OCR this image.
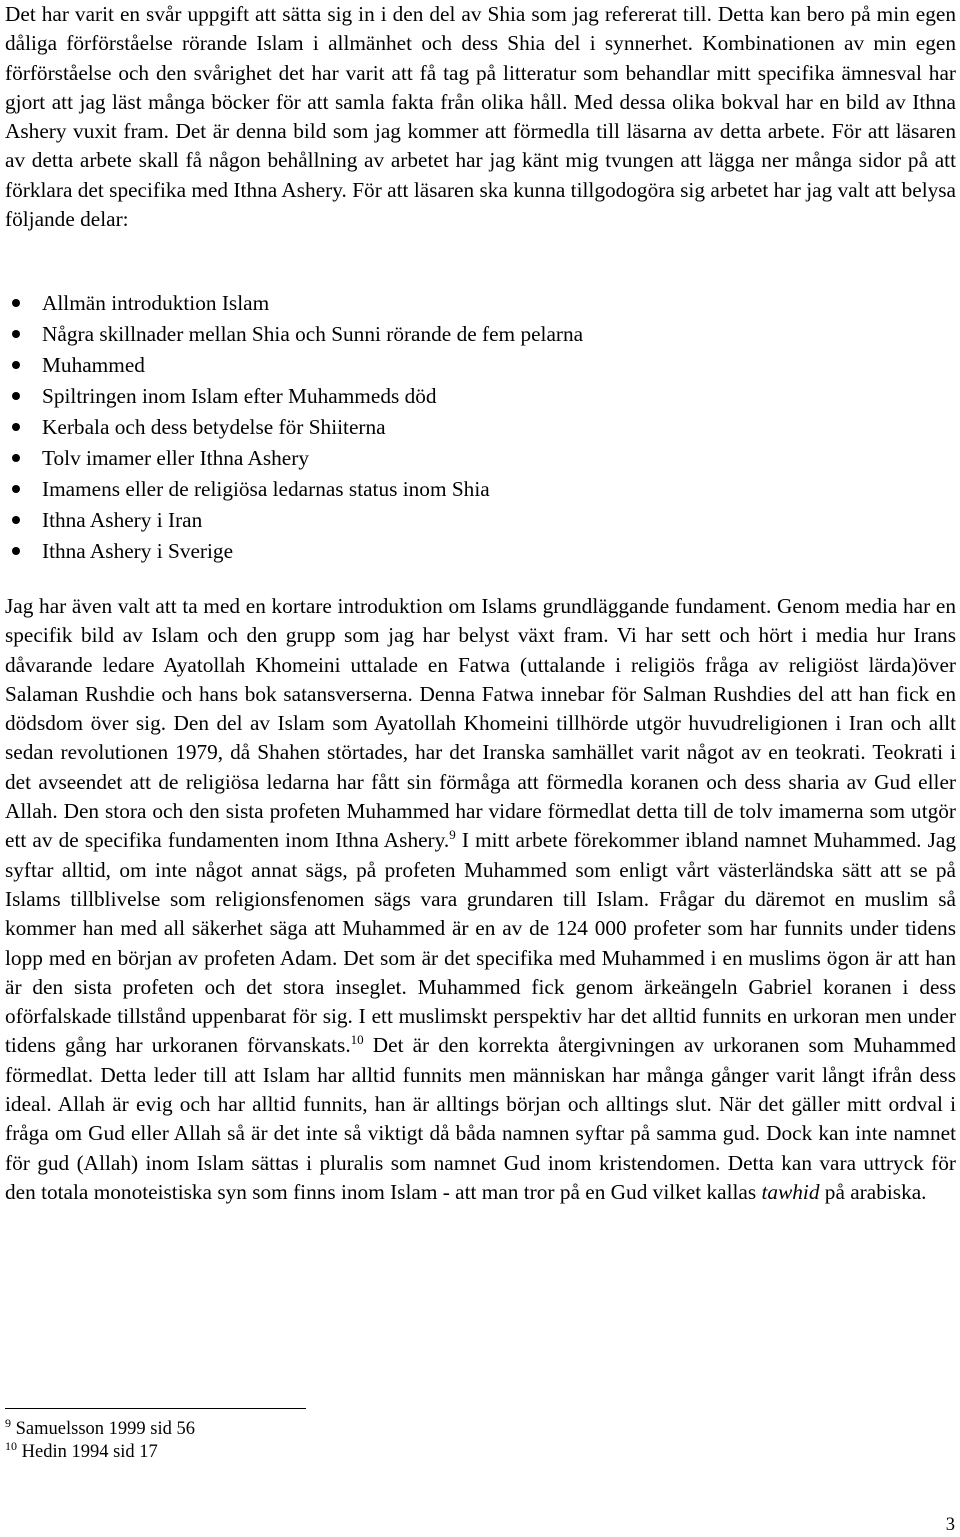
Det har varit en svår uppgift att sätta sig in i den del av Shia som jag refererat till. Detta kan bero på min egen dåliga förförståelse rörande Islam i allmänhet och dess Shia del i synnerhet. Kombinationen av min egen förförståelse och den svårighet det har varit att få tag på litteratur som behandlar mitt specifika ämnesval har gjort att jag läst många böcker för att samla fakta från olika håll. Med dessa olika bokval har en bild av Ithna Ashery vuxit fram. Det är denna bild som jag kommer att förmedla till läsarna av detta arbete. För att läsaren av detta arbete skall få någon behållning av arbetet har jag känt mig tvungen att lägga ner många sidor på att förklara det specifika med Ithna Ashery. För att läsaren ska kunna tillgodogöra sig arbetet har jag valt att belysa följande delar:

Allmän introduktion Islam
Några skillnader mellan Shia och Sunni rörande de fem pelarna
Muhammed
Spiltringen inom Islam efter Muhammeds död
Kerbala och dess betydelse för Shiiterna
Tolv imamer eller Ithna Ashery
Imamens eller de religiösa ledarnas status inom Shia
Ithna Ashery i Iran
Ithna Ashery i Sverige

Jag har även valt att ta med en kortare introduktion om Islams grundläggande fundament. Genom media har en specifik bild av Islam och den grupp som jag har belyst växt fram. Vi har sett och hört i media hur Irans dåvarande ledare Ayatollah Khomeini uttalade en Fatwa (uttalande i religiös fråga av religiöst lärda)över Salaman Rushdie och hans bok satansverserna. Denna Fatwa innebar för Salman Rushdies del att han fick en dödsdom över sig. Den del av Islam som Ayatollah Khomeini tillhörde utgör huvudreligionen i Iran och allt sedan revolutionen 1979, då Shahen störtades, har det Iranska samhället varit något av en teokrati. Teokrati i det avseendet att de religiösa ledarna har fått sin förmåga att förmedla koranen och dess sharia av Gud eller Allah. Den stora och den sista profeten Muhammed har vidare förmedlat detta till de tolv imamerna som utgör ett av de specifika fundamenten inom Ithna Ashery.$^9$ I mitt arbete förekommer ibland namnet Muhammed. Jag syftar alltid, om inte något annat sägs, på profeten Muhammed som enligt vårt västerländska sätt att se på Islams tillblivelse som religionsfenomen sägs vara grundaren till Islam. Frågar du däremot en muslim så kommer han med all säkerhet säga att Muhammed är en av de 124 000 profeter som har funnits under tidens lopp med en början av profeten Adam. Det som är det specifika med Muhammed i en muslims ögon är att han är den sista profeten och det stora inseglet. Muhammed fick genom ärkeängeln Gabriel koranen i dess oförfalskade tillstånd uppenbarat för sig. I ett muslimskt perspektiv har det alltid funnits en urkoran men under tidens gång har urkoranen förvanskats.$^{10}$ Det är den korrekta återgivningen av urkoranen som Muhammed förmedlat. Detta leder till att Islam har alltid funnits men människan har många gånger varit långt ifrån dess ideal. Allah är evig och har alltid funnits, han är alltings början och alltings slut. När det gäller mitt ordval i fråga om Gud eller Allah så är det inte så viktigt då båda namnen syftar på samma gud. Dock kan inte namnet för gud (Allah) inom Islam sättas i pluralis som namnet Gud inom kristendomen. Detta kan vara uttryck för den totala monoteistiska syn som finns inom Islam - att man tror på en Gud vilket kallas tawhid på arabiska.

$^9$ Samuelsson 1999 sid 56
$^{10}$ Hedin 1994 sid 17
3
